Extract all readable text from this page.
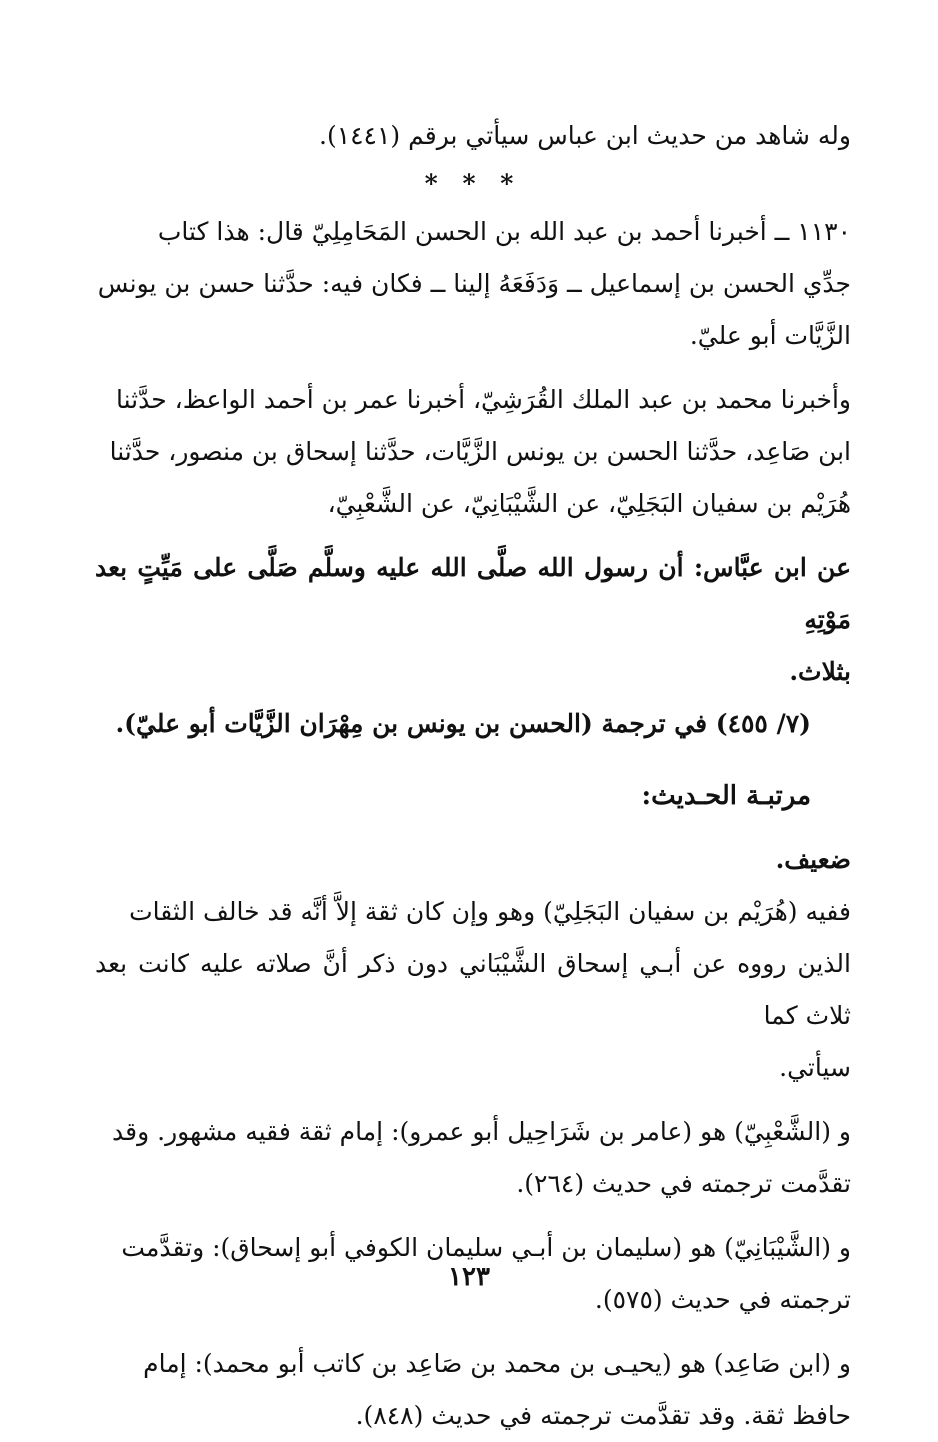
وله شاهد من حديث ابن عباس سيأتي برقم (١٤٤١).

* * *

١١٣٠ ــ أخبرنا أحمد بن عبد الله بن الحسن المَحَامِلِيّ قال: هذا كتاب
جدِّي الحسن بن إسماعيل ــ وَدَفَعَهُ إلينا ــ فكان فيه: حدَّثنا حسن بن يونس
الزَّيَّات أبو عليّ.

وأخبرنا محمد بن عبد الملك القُرَشِيّ، أخبرنا عمر بن أحمد الواعظ، حدَّثنا
ابن صَاعِد، حدَّثنا الحسن بن يونس الزَّيَّات، حدَّثنا إسحاق بن منصور، حدَّثنا
هُرَيْم بن سفيان البَجَلِيّ، عن الشَّيْبَانِيّ، عن الشَّعْبِيّ،

عن ابن عبَّاس: أن رسول الله صلَّى الله عليه وسلَّم صَلَّى على مَيِّتٍ بعد مَوْتِهِ
بثلاث.

(٧/ ٤٥٥) في ترجمة (الحسن بن يونس بن مِهْرَان الزَّيَّات أبو عليّ).

مرتبـة الحـديث:

ضعيف.

ففيه (هُرَيْم بن سفيان البَجَلِيّ) وهو وإن كان ثقة إلاَّ أنَّه قد خالف الثقات
الذين رووه عن أبـي إسحاق الشَّيْبَاني دون ذكر أنَّ صلاته عليه كانت بعد ثلاث كما
سيأتي.

و (الشَّعْبِيّ) هو (عامر بن شَرَاحِيل أبو عمرو): إمام ثقة فقيه مشهور. وقد
تقدَّمت ترجمته في حديث (٢٦٤).

و (الشَّيْبَانِيّ) هو (سليمان بن أبـي سليمان الكوفي أبو إسحاق): وتقدَّمت
ترجمته في حديث (٥٧٥).

و (ابن صَاعِد) هو (يحيـى بن محمد بن صَاعِد بن كاتب أبو محمد): إمام
حافظ ثقة. وقد تقدَّمت ترجمته في حديث (٨٤٨).

١٢٣
